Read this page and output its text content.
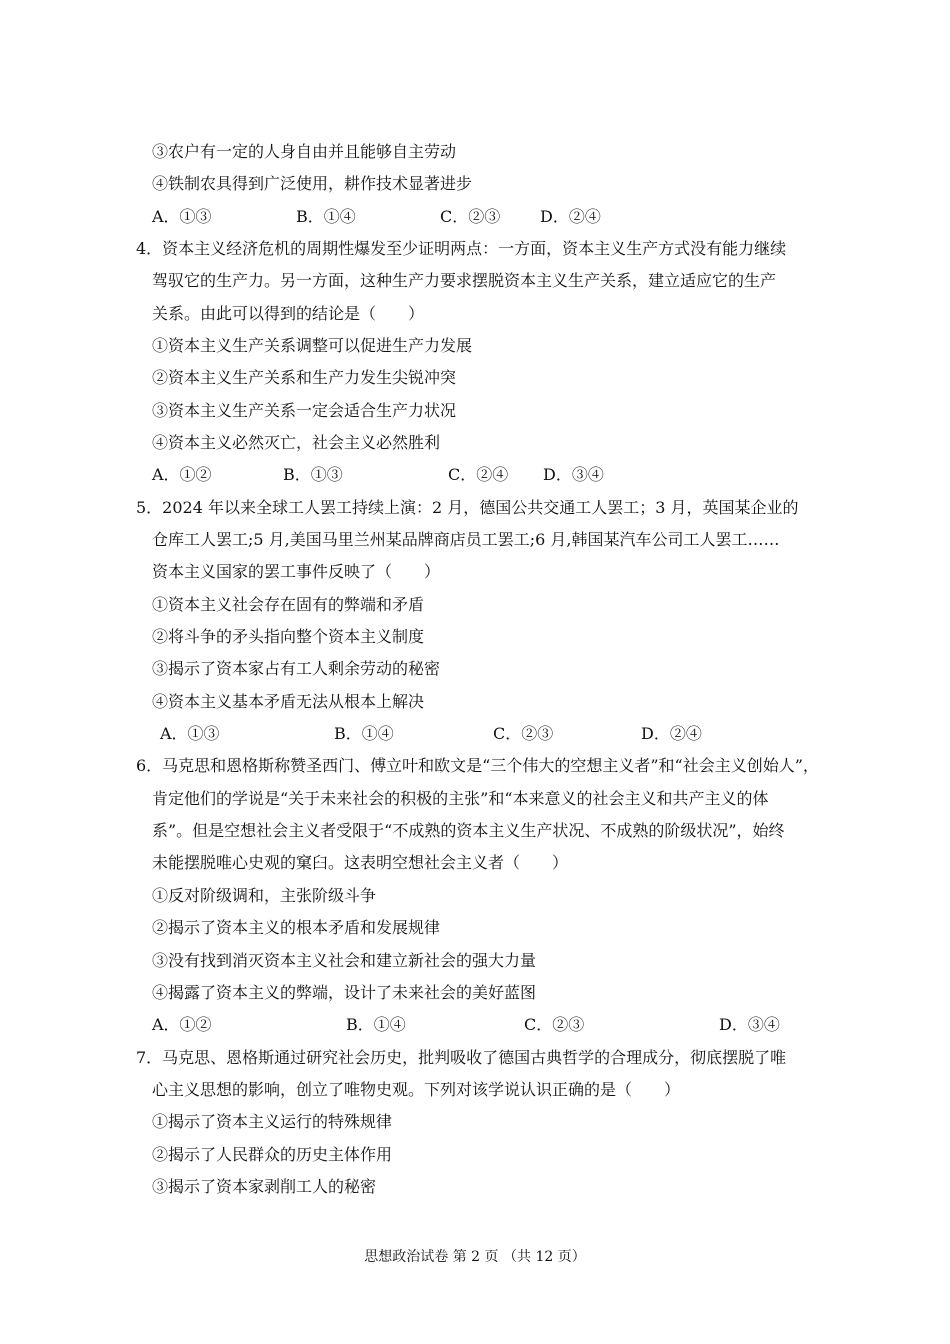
③农户有一定的人身自由并且能够自主劳动
④铁制农具得到广泛使用，耕作技术显著进步
A．①③	B．①④	C．②③ D．②④
4．资本主义经济危机的周期性爆发至少证明两点：一方面，资本主义生产方式没有能力继续
驾驭它的生产力。另一方面，这种生产力要求摆脱资本主义生产关系，建立适应它的生产
关系。由此可以得到的结论是（　　）
①资本主义生产关系调整可以促进生产力发展
②资本主义生产关系和生产力发生尖锐冲突
③资本主义生产关系一定会适合生产力状况
④资本主义必然灭亡，社会主义必然胜利
A．①②	B．①③	C．②④ D．③④
5．2024 年以来全球工人罢工持续上演：2 月，德国公共交通工人罢工；3 月，英国某企业的
仓库工人罢工;5 月,美国马里兰州某品牌商店员工罢工;6 月,韩国某汽车公司工人罢工……
资本主义国家的罢工事件反映了（　　）
①资本主义社会存在固有的弊端和矛盾
②将斗争的矛头指向整个资本主义制度
③揭示了资本家占有工人剩余劳动的秘密
④资本主义基本矛盾无法从根本上解决
A．①③	B．①④	C．②③	D．②④
6．马克思和恩格斯称赞圣西门、傅立叶和欧文是“三个伟大的空想主义者”和“社会主义创始人”，
肯定他们的学说是“关于未来社会的积极的主张”和“本来意义的社会主义和共产主义的体
系”。但是空想社会主义者受限于“不成熟的资本主义生产状况、不成熟的阶级状况”，始终
未能摆脱唯心史观的窠臼。这表明空想社会主义者（　　）
①反对阶级调和，主张阶级斗争
②揭示了资本主义的根本矛盾和发展规律
③没有找到消灭资本主义社会和建立新社会的强大力量
④揭露了资本主义的弊端，设计了未来社会的美好蓝图
A．①②	B．①④	C．②③	D．③④
7．马克思、恩格斯通过研究社会历史，批判吸收了德国古典哲学的合理成分，彻底摆脱了唯
心主义思想的影响，创立了唯物史观。下列对该学说认识正确的是（　　）
①揭示了资本主义运行的特殊规律
②揭示了人民群众的历史主体作用
③揭示了资本家剥削工人的秘密
思想政治试卷 第 2 页 （共 12 页）
